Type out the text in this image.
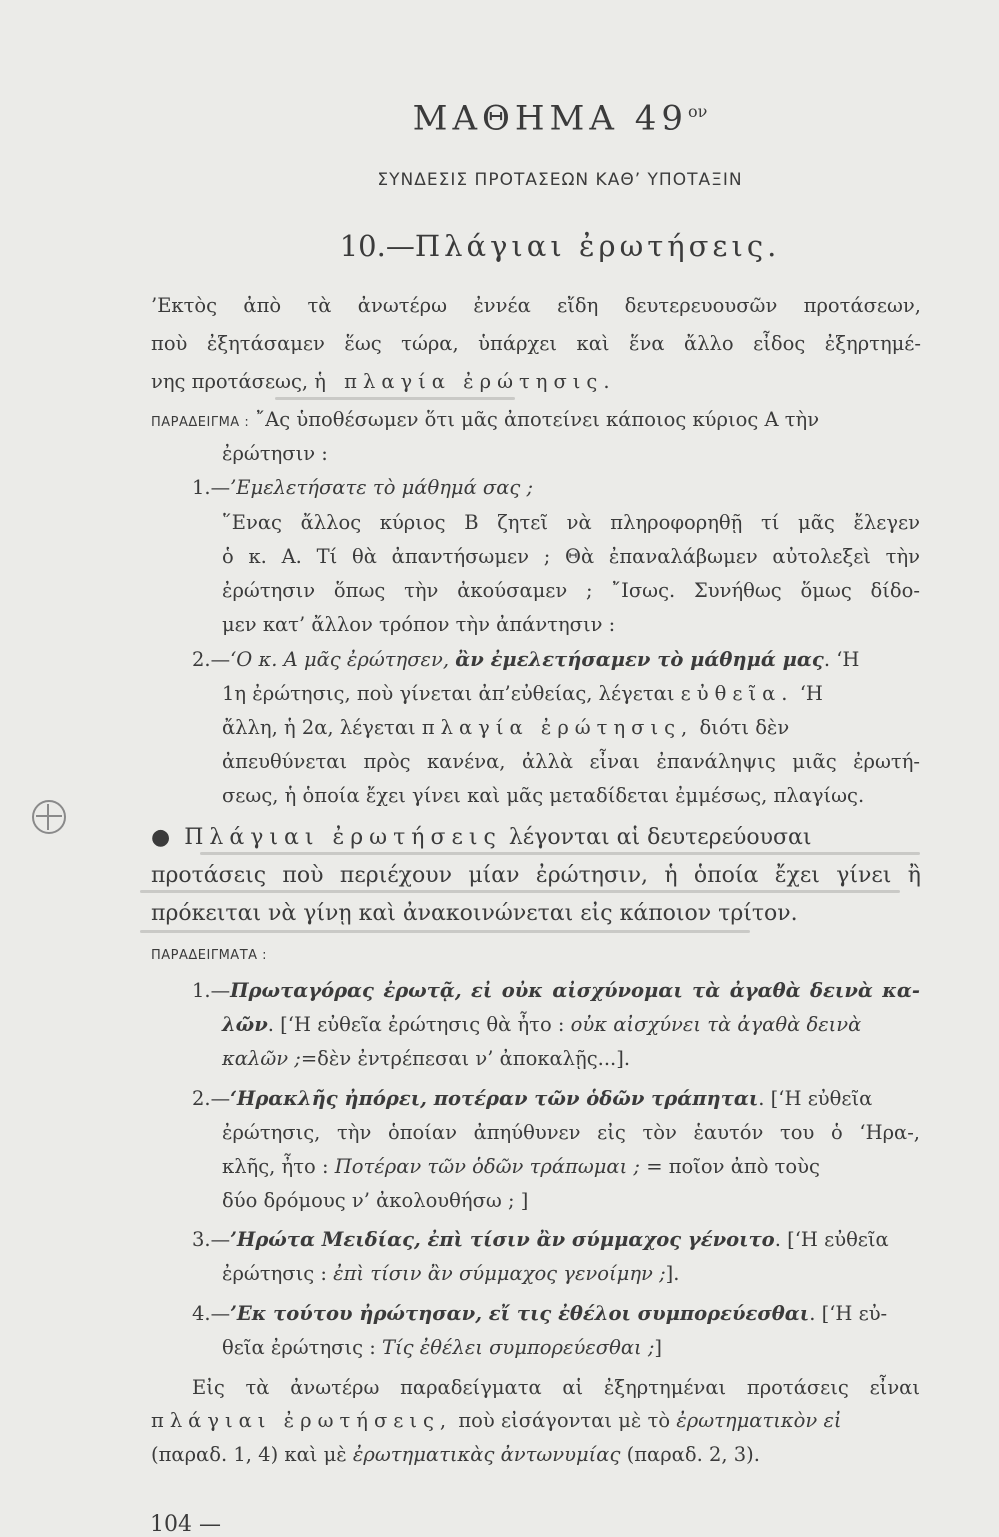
ΜΑΘΗΜΑ $49^{o\nu}$
ΣΥΝΔΕΣΙΣ ΠΡΟΤΑΣΕΩΝ ΚΑΘ’ ΥΠΟΤΑΞΙΝ
10.—Πλάγιαι ἐρωτήσεις.
’Εκτὸς ἀπὸ τὰ ἀνωτέρω ἐννέα εἴδη δευτερευουσῶν προτάσεων,
ποὺ ἐξητάσαμεν ἕως τώρα, ὑπάρχει καὶ ἕνα ἄλλο εἶδος ἐξηρτημέ-
νης προτάσεως, ἡ πλαγία ἐρώτησις.
ΠΑΡΑΔΕΙΓΜΑ : ῎Ας ὑποθέσωμεν ὅτι μᾶς ἀποτείνει κάποιος κύριος Α τὴν
ἐρώτησιν :
1.—’Εμελετήσατε τὸ μάθημά σας ;
῞Ενας ἄλλος κύριος Β ζητεῖ νὰ πληροφορηθῇ τί μᾶς ἔλεγεν
ὁ κ. Α. Τί θὰ ἀπαντήσωμεν ; Θὰ ἐπαναλάβωμεν αὐτολεξεὶ τὴν
ἐρώτησιν ὅπως τὴν ἀκούσαμεν ; ῎Ισως. Συνήθως ὅμως δίδο-
μεν κατ’ ἄλλον τρόπον τὴν ἀπάντησιν :
2.—‘Ο κ. Α μᾶς ἐρώτησεν, ἂν ἐμελετήσαμεν τὸ μάθημά μας. ‘Η
1η ἐρώτησις, ποὺ γίνεται ἀπ’εὐθείας, λέγεται εὐθεῖα. ‘Η
ἄλλη, ἡ 2α, λέγεται πλαγία ἐρώτησις, διότι δὲν
ἀπευθύνεται πρὸς κανένα, ἀλλὰ εἶναι ἐπανάληψις μιᾶς ἐρωτή-
σεως, ἡ ὁποία ἔχει γίνει καὶ μᾶς μεταδίδεται ἐμμέσως, πλαγίως.
● Πλάγιαι ἐρωτήσεις λέγονται αἱ δευτερεύουσαι
προτάσεις ποὺ περιέχουν μίαν ἐρώτησιν, ἡ ὁποία ἔχει γίνει ἢ
πρόκειται νὰ γίνῃ καὶ ἀνακοινώνεται εἰς κάποιον τρίτον.
ΠΑΡΑΔΕΙΓΜΑΤΑ :
1.—Πρωταγόρας ἐρωτᾷ, εἰ οὐκ αἰσχύνομαι τὰ ἀγαθὰ δεινὰ κα-
λῶν. [‘Η εὐθεῖα ἐρώτησις θὰ ἦτο : οὐκ αἰσχύνει τὰ ἀγαθὰ δεινὰ
καλῶν ;=δὲν ἐντρέπεσαι ν’ ἀποκαλῇς...].
2.—‘Ηρακλῆς ἠπόρει, ποτέραν τῶν ὁδῶν τράπηται. [‘Η εὐθεῖα
ἐρώτησις, τὴν ὁποίαν ἀπηύθυνεν εἰς τὸν ἑαυτόν του ὁ ‘Ηρα-,
κλῆς, ἦτο : Ποτέραν τῶν ὁδῶν τράπωμαι ; = ποῖον ἀπὸ τοὺς
δύο δρόμους ν’ ἀκολουθήσω ; ]
3.—’Ηρώτα Μειδίας, ἐπὶ τίσιν ἂν σύμμαχος γένοιτο. [‘Η εὐθεῖα
ἐρώτησις : ἐπὶ τίσιν ἂν σύμμαχος γενοίμην ;].
4.—’Εκ τούτου ἠρώτησαν, εἴ τις ἐθέλοι συμπορεύεσθαι. [‘Η εὐ-
θεῖα ἐρώτησις : Τίς ἐθέλει συμπορεύεσθαι ;]
Εἰς τὰ ἀνωτέρω παραδείγματα αἱ ἐξηρτημέναι προτάσεις εἶναι
πλάγιαι ἐρωτήσεις, ποὺ εἰσάγονται μὲ τὸ ἐρωτηματικὸν εἰ
(παραδ. 1, 4) καὶ μὲ ἐρωτηματικὰς ἀντωνυμίας (παραδ. 2, 3).
104 —
